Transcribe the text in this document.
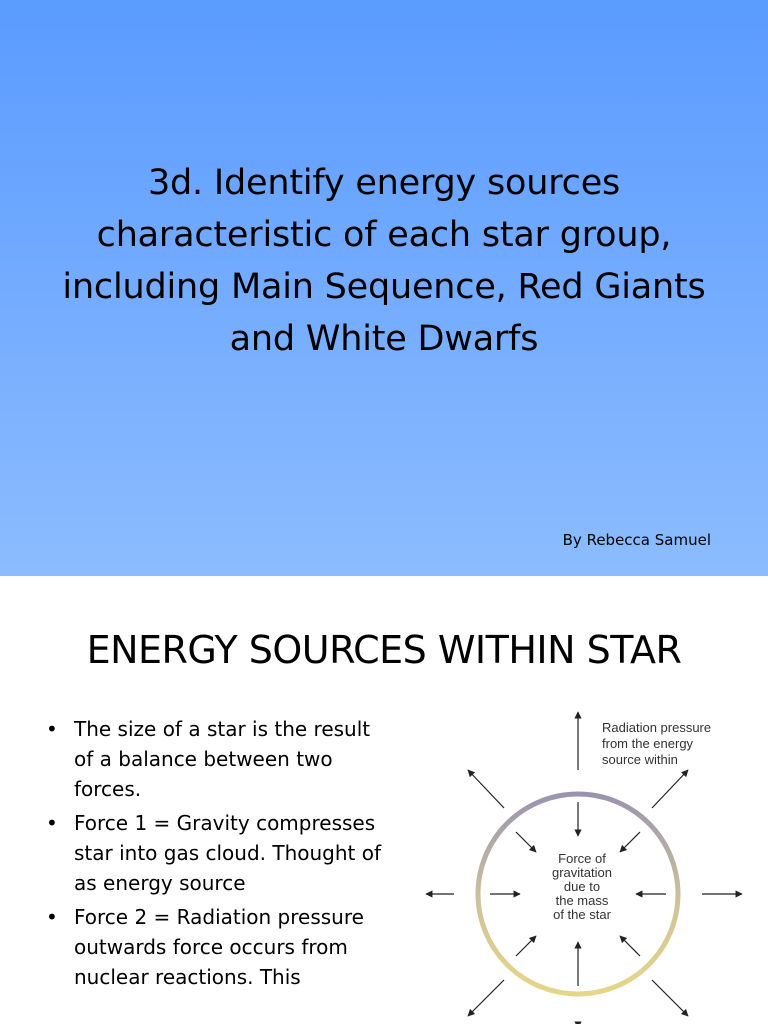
3d. Identify energy sources characteristic of each star group, including Main Sequence, Red Giants and White Dwarfs
By Rebecca Samuel
ENERGY SOURCES WITHIN STAR
• The size of a star is the result of a balance between two forces.
• Force 1 = Gravity compresses star into gas cloud. Thought of as energy source
• Force 2 = Radiation pressure outwards force occurs from nuclear reactions. This
Radiation pressure
from the energy
source within
Force of
gravitation
due to
the mass
of the star
